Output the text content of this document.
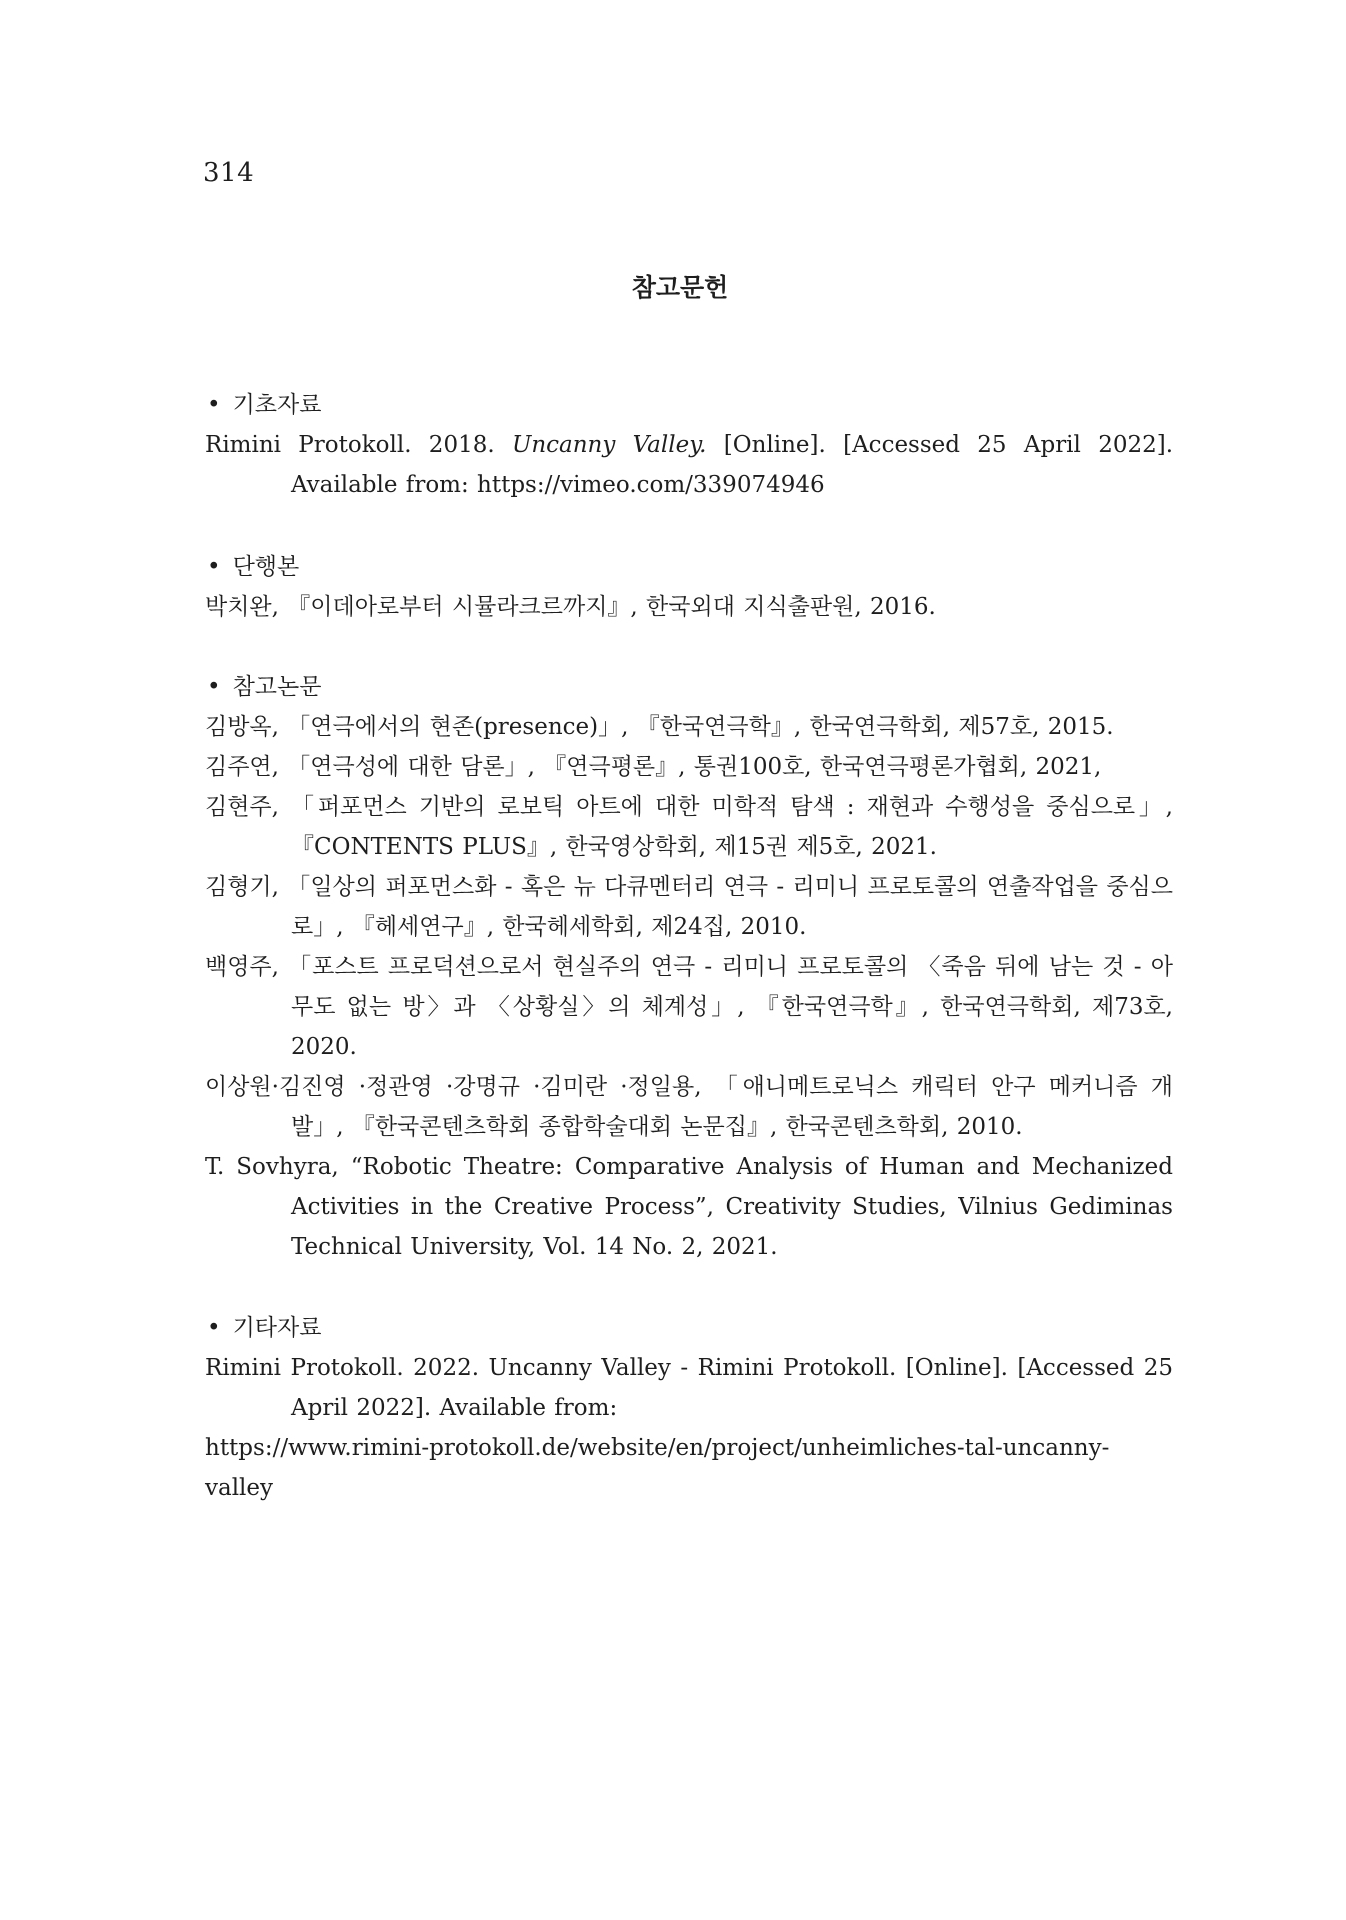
314
참고문헌
• 기초자료
Rimini Protokoll. 2018. Uncanny Valley. [Online]. [Accessed 25 April 2022]. Available from: https://vimeo.com/339074946
• 단행본
박치완, 『이데아로부터 시뮬라크르까지』, 한국외대 지식출판원, 2016.
• 참고논문
김방옥, 「연극에서의 현존(presence)」, 『한국연극학』, 한국연극학회, 제57호, 2015.
김주연, 「연극성에 대한 담론」, 『연극평론』, 통권100호, 한국연극평론가협회, 2021,
김현주, 「퍼포먼스 기반의 로보틱 아트에 대한 미학적 탐색 : 재현과 수행성을 중심으로」, 『CONTENTS PLUS』, 한국영상학회, 제15권 제5호, 2021.
김형기, 「일상의 퍼포먼스화 - 혹은 뉴 다큐멘터리 연극 - 리미니 프로토콜의 연출작업을 중심으로」, 『헤세연구』, 한국헤세학회, 제24집, 2010.
백영주, 「포스트 프로덕션으로서 현실주의 연극 - 리미니 프로토콜의 〈죽음 뒤에 남는 것 - 아무도 없는 방〉과 〈상황실〉의 체계성」, 『한국연극학』, 한국연극학회, 제73호, 2020.
이상원·김진영 ·정관영 ·강명규 ·김미란 ·정일용, 「애니메트로닉스 캐릭터 안구 메커니즘 개발」, 『한국콘텐츠학회 종합학술대회 논문집』, 한국콘텐츠학회, 2010.
T. Sovhyra, “Robotic Theatre: Comparative Analysis of Human and Mechanized Activities in the Creative Process”, Creativity Studies, Vilnius Gediminas Technical University, Vol. 14 No. 2, 2021.
• 기타자료
Rimini Protokoll. 2022. Uncanny Valley - Rimini Protokoll. [Online]. [Accessed 25 April 2022]. Available from:
https://www.rimini-protokoll.de/website/en/project/unheimliches-tal-uncanny-valley
